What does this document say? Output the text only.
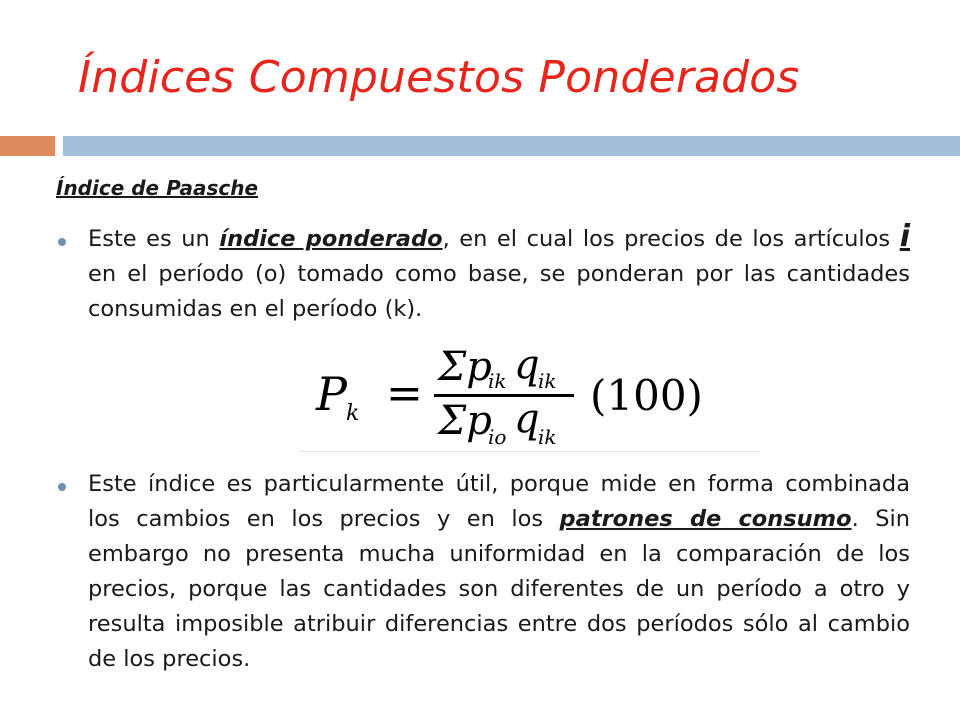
Índices Compuestos Ponderados
Índice de Paasche
Este es un índice ponderado, en el cual los precios de los artículos i en el período (o) tomado como base, se ponderan por las cantidades consumidas en el período (k).
P k =
Σp
ik q
ik
Σp
io q
ik
(100)
Este índice es particularmente útil, porque mide en forma combinada los cambios en los precios y en los patrones de consumo. Sin embargo no presenta mucha uniformidad en la comparación de los precios, porque las cantidades son diferentes de un período a otro y resulta imposible atribuir diferencias entre dos períodos sólo al cambio de los precios.
